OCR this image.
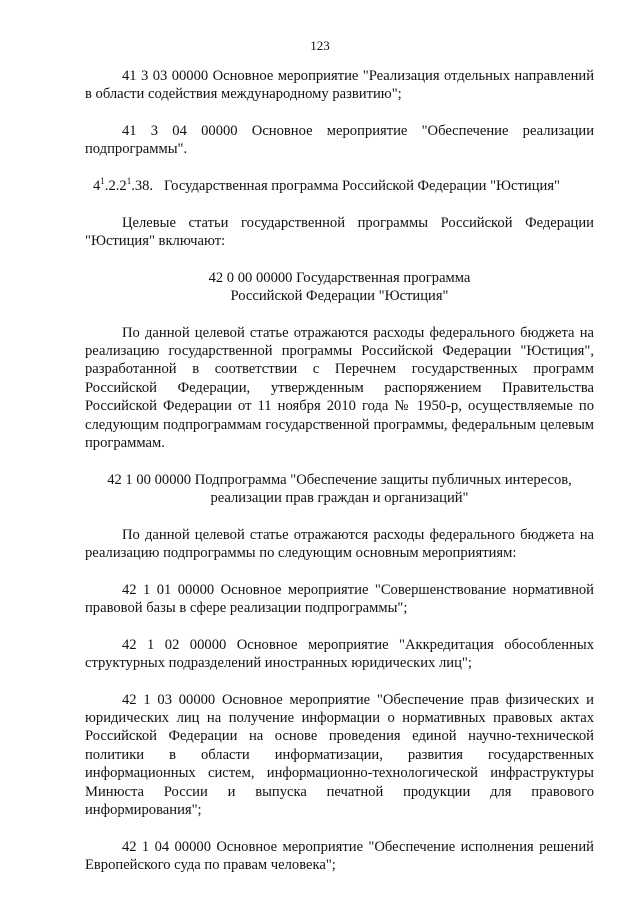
123

41 3 03 00000 Основное мероприятие "Реализация отдельных направлений в области содействия международному развитию";

41 3 04 00000 Основное мероприятие "Обеспечение реализации подпрограммы".

$4^1.2.2^1.38$. Государственная программа Российской Федерации "Юстиция"

Целевые статьи государственной программы Российской Федерации "Юстиция" включают:

42 0 00 00000 Государственная программа
Российской Федерации "Юстиция"

По данной целевой статье отражаются расходы федерального бюджета на реализацию государственной программы Российской Федерации "Юстиция", разработанной в соответствии с Перечнем государственных программ Российской Федерации, утвержденным распоряжением Правительства Российской Федерации от 11 ноября 2010 года № 1950-р, осуществляемые по следующим подпрограммам государственной программы, федеральным целевым программам.

42 1 00 00000 Подпрограмма "Обеспечение защиты публичных интересов,
реализации прав граждан и организаций"

По данной целевой статье отражаются расходы федерального бюджета на реализацию подпрограммы по следующим основным мероприятиям:

42 1 01 00000 Основное мероприятие "Совершенствование нормативной правовой базы в сфере реализации подпрограммы";

42 1 02 00000 Основное мероприятие "Аккредитация обособленных структурных подразделений иностранных юридических лиц";

42 1 03 00000 Основное мероприятие "Обеспечение прав физических и юридических лиц на получение информации о нормативных правовых актах Российской Федерации на основе проведения единой научно-технической политики в области информатизации, развития государственных информационных систем, информационно-технологической инфраструктуры Минюста России и выпуска печатной продукции для правового информирования";

42 1 04 00000 Основное мероприятие "Обеспечение исполнения решений Европейского суда по правам человека";
